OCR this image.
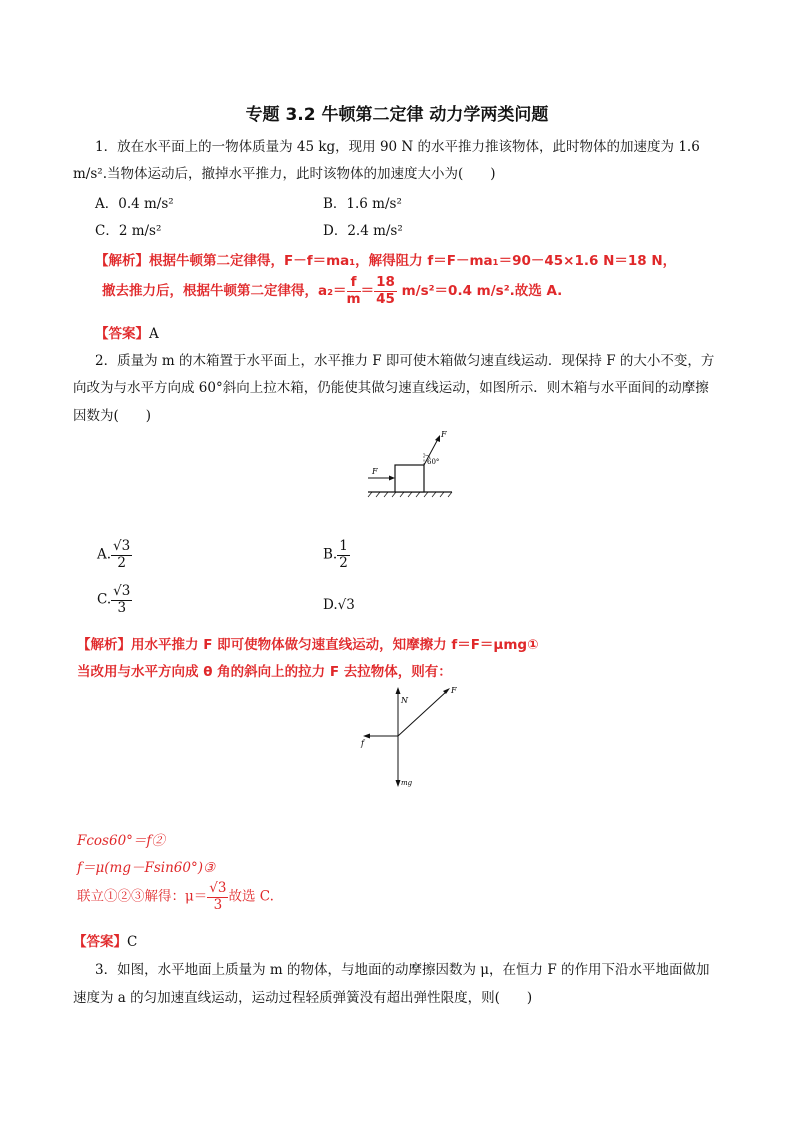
专题 3.2 牛顿第二定律 动力学两类问题
1．放在水平面上的一物体质量为 45 kg，现用 90 N 的水平推力推该物体，此时物体的加速度为 1.6
m/s².当物体运动后，撤掉水平推力，此时该物体的加速度大小为(　　)
A．0.4 m/s²	B．1.6 m/s²
C．2 m/s²	D．2.4 m/s²
【解析】根据牛顿第二定律得，F－f＝ma₁，解得阻力 f＝F－ma₁＝90－45×1.6 N＝18 N，
撤去推力后，根据牛顿第二定律得，$a_2= \frac{f}{m} = \frac{18}{45} m/s^2=0.4$ m/s².故选 A.
【答案】A
2．质量为 m 的木箱置于水平面上，水平推力 F 即可使木箱做匀速直线运动．现保持 F 的大小不变，方
向改为与水平方向成 60°斜向上拉木箱，仍能使其做匀速直线运动，如图所示．则木箱与水平面间的动摩擦
因数为(　　)
F
F
60°
A. $\frac{√3}{2}$	B. $\frac{1}{2}$
C. $\frac{√3}{3}$	D.√3
【解析】用水平推力 F 即可使物体做匀速直线运动，知摩擦力 f＝F＝μmg①
当改用与水平方向成 θ 角的斜向上的拉力 F 去拉物体，则有：
N
F
f
mg
Fcos60°＝f②
f＝μ(mg－Fsin60°)③
联立①②③解得：$\mu= \frac{√3}{3}$ 故选 C.
【答案】C
3．如图，水平地面上质量为 m 的物体，与地面的动摩擦因数为 μ，在恒力 F 的作用下沿水平地面做加
速度为 a 的匀加速直线运动，运动过程轻质弹簧没有超出弹性限度，则(　　)
